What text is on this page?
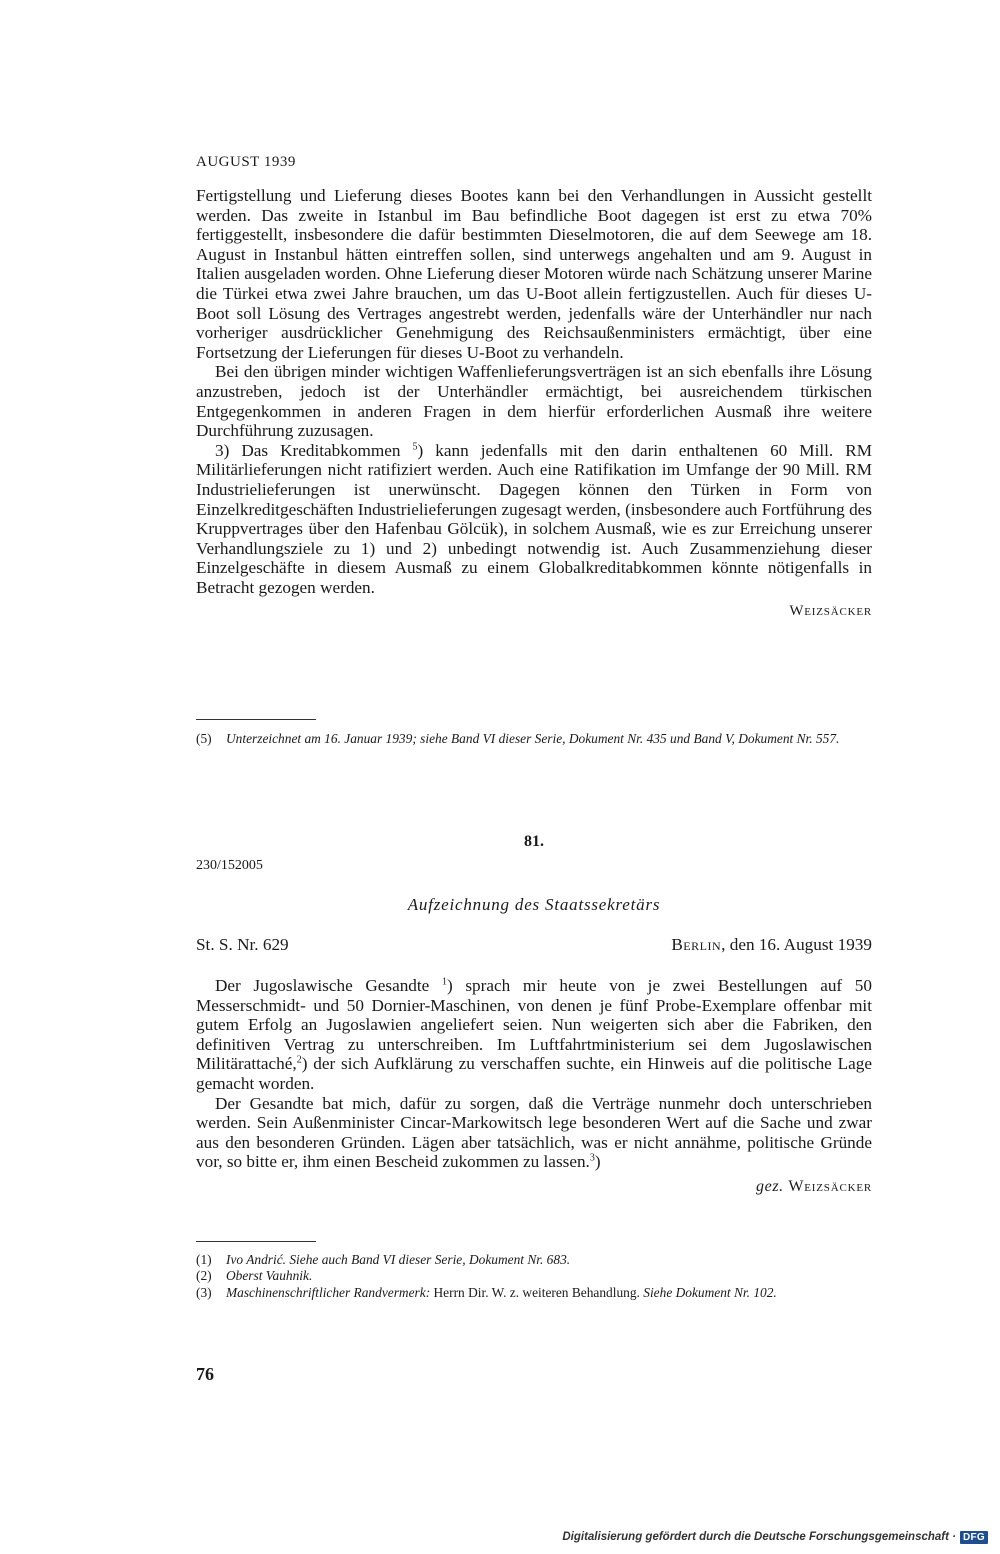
AUGUST 1939

Fertigstellung und Lieferung dieses Bootes kann bei den Verhandlungen in Aussicht gestellt werden. Das zweite in Istanbul im Bau befindliche Boot dagegen ist erst zu etwa 70% fertiggestellt, insbesondere die dafür bestimmten Dieselmotoren, die auf dem Seewege am 18. August in Instanbul hätten eintreffen sollen, sind unterwegs angehalten und am 9. August in Italien ausgeladen worden. Ohne Lieferung dieser Motoren würde nach Schätzung unserer Marine die Türkei etwa zwei Jahre brauchen, um das U-Boot allein fertigzustellen. Auch für dieses U-Boot soll Lösung des Vertrages angestrebt werden, jedenfalls wäre der Unterhändler nur nach vorheriger ausdrücklicher Genehmigung des Reichsaußenministers ermächtigt, über eine Fortsetzung der Lieferungen für dieses U-Boot zu verhandeln.

Bei den übrigen minder wichtigen Waffenlieferungsverträgen ist an sich ebenfalls ihre Lösung anzustreben, jedoch ist der Unterhändler ermächtigt, bei ausreichendem türkischen Entgegenkommen in anderen Fragen in dem hierfür erforderlichen Ausmaß ihre weitere Durchführung zuzusagen.

3) Das Kreditabkommen $^5$) kann jedenfalls mit den darin enthaltenen 60 Mill. RM Militärlieferungen nicht ratifiziert werden. Auch eine Ratifikation im Umfange der 90 Mill. RM Industrielieferungen ist unerwünscht. Dagegen können den Türken in Form von Einzelkreditgeschäften Industrielieferungen zugesagt werden, (insbesondere auch Fortführung des Kruppvertrages über den Hafenbau Gölcük), in solchem Ausmaß, wie es zur Erreichung unserer Verhandlungsziele zu 1) und 2) unbedingt notwendig ist. Auch Zusammenziehung dieser Einzelgeschäfte in diesem Ausmaß zu einem Globalkreditabkommen könnte nötigenfalls in Betracht gezogen werden.

Weizsäcker
(5)	Unterzeichnet am 16. Januar 1939; siehe Band VI dieser Serie, Dokument Nr. 435 und Band V, Dokument Nr. 557.
81.
230/152005
Aufzeichnung des Staatssekretärs
St. S. Nr. 629	Berlin, den 16. August 1939

Der Jugoslawische Gesandte $^1$) sprach mir heute von je zwei Bestellungen auf 50 Messerschmidt- und 50 Dornier-Maschinen, von denen je fünf Probe-Exemplare offenbar mit gutem Erfolg an Jugoslawien angeliefert seien. Nun weigerten sich aber die Fabriken, den definitiven Vertrag zu unterschreiben. Im Luftfahrtministerium sei dem Jugoslawischen Militärattaché,$^2$) der sich Aufklärung zu verschaffen suchte, ein Hinweis auf die politische Lage gemacht worden.

Der Gesandte bat mich, dafür zu sorgen, daß die Verträge nunmehr doch unterschrieben werden. Sein Außenminister Cincar-Markowitsch lege besonderen Wert auf die Sache und zwar aus den besonderen Gründen. Lägen aber tatsächlich, was er nicht annähme, politische Gründe vor, so bitte er, ihm einen Bescheid zukommen zu lassen.$^3$)

gez. Weizsäcker
(1)	Ivo Andrić. Siehe auch Band VI dieser Serie, Dokument Nr. 683.
(2)	Oberst Vauhnik.
(3)	Maschinenschriftlicher Randvermerk: Herrn Dir. W. z. weiteren Behandlung. Siehe Dokument Nr. 102.
76
Digitalisierung gefördert durch die Deutsche Forschungsgemeinschaft · DFG
